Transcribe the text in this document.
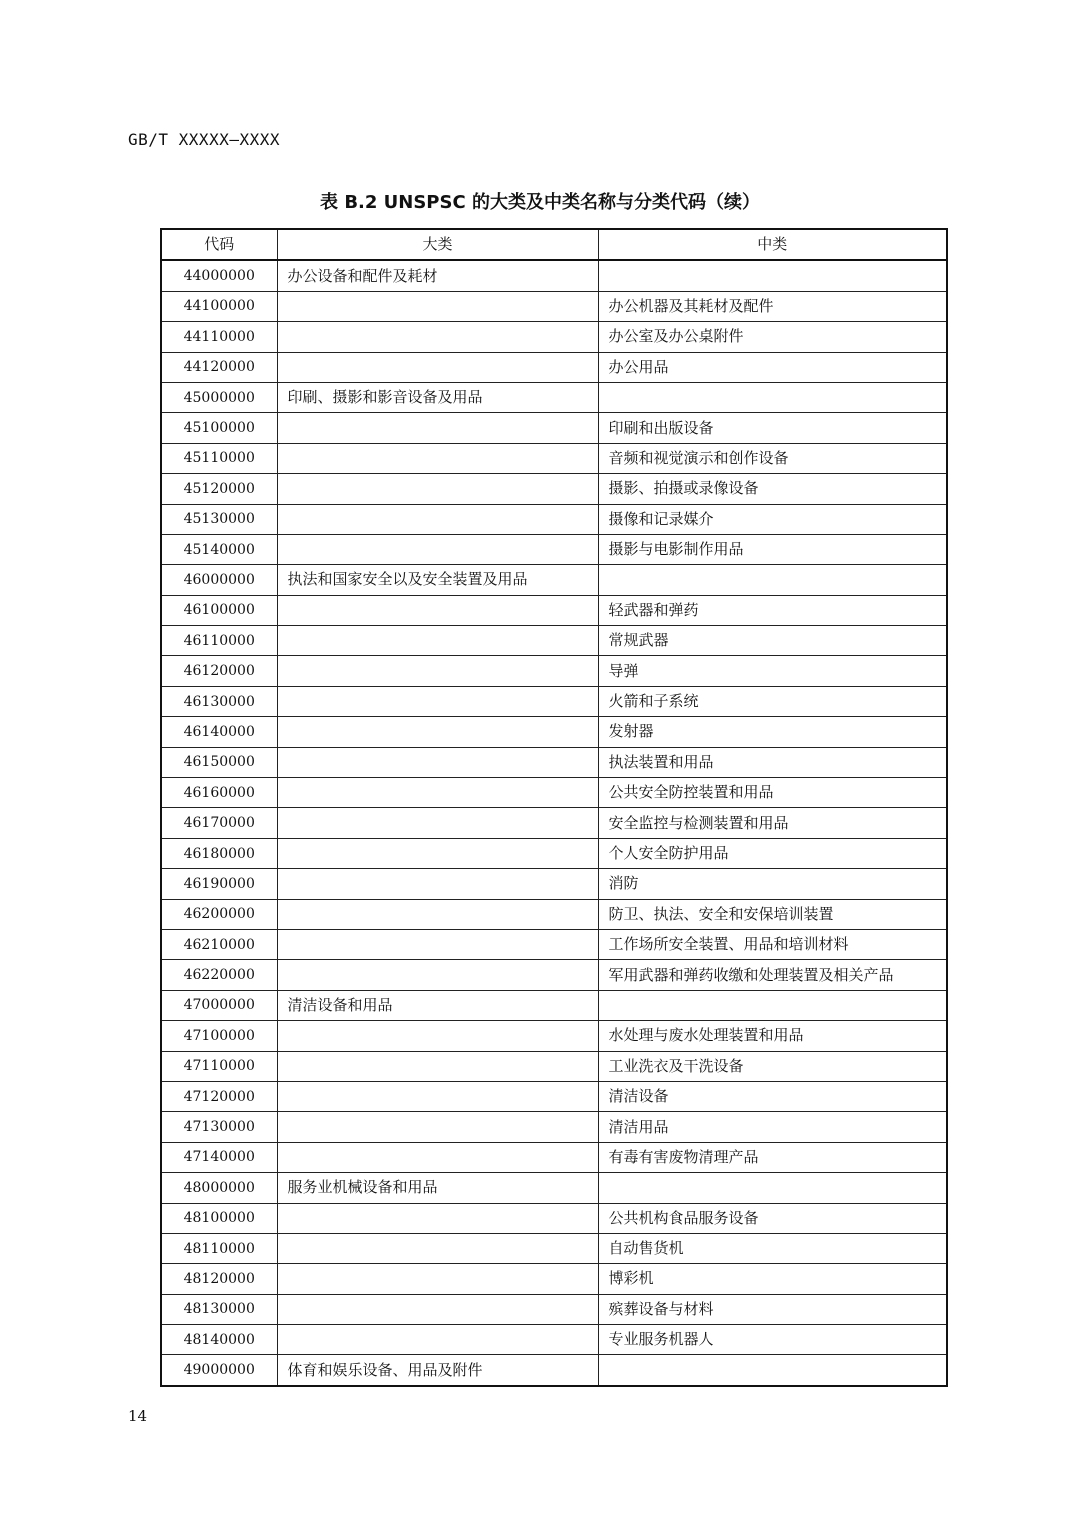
GB/T XXXXX—XXXX
表 B.2 UNSPSC 的大类及中类名称与分类代码（续）
代码	大类	中类
44000000	办公设备和配件及耗材	
44100000		办公机器及其耗材及配件
44110000		办公室及办公桌附件
44120000		办公用品
45000000	印刷、摄影和影音设备及用品	
45100000		印刷和出版设备
45110000		音频和视觉演示和创作设备
45120000		摄影、拍摄或录像设备
45130000		摄像和记录媒介
45140000		摄影与电影制作用品
46000000	执法和国家安全以及安全装置及用品	
46100000		轻武器和弹药
46110000		常规武器
46120000		导弹
46130000		火箭和子系统
46140000		发射器
46150000		执法装置和用品
46160000		公共安全防控装置和用品
46170000		安全监控与检测装置和用品
46180000		个人安全防护用品
46190000		消防
46200000		防卫、执法、安全和安保培训装置
46210000		工作场所安全装置、用品和培训材料
46220000		军用武器和弹药收缴和处理装置及相关产品
47000000	清洁设备和用品	
47100000		水处理与废水处理装置和用品
47110000		工业洗衣及干洗设备
47120000		清洁设备
47130000		清洁用品
47140000		有毒有害废物清理产品
48000000	服务业机械设备和用品	
48100000		公共机构食品服务设备
48110000		自动售货机
48120000		博彩机
48130000		殡葬设备与材料
48140000		专业服务机器人
49000000	体育和娱乐设备、用品及附件	
14
